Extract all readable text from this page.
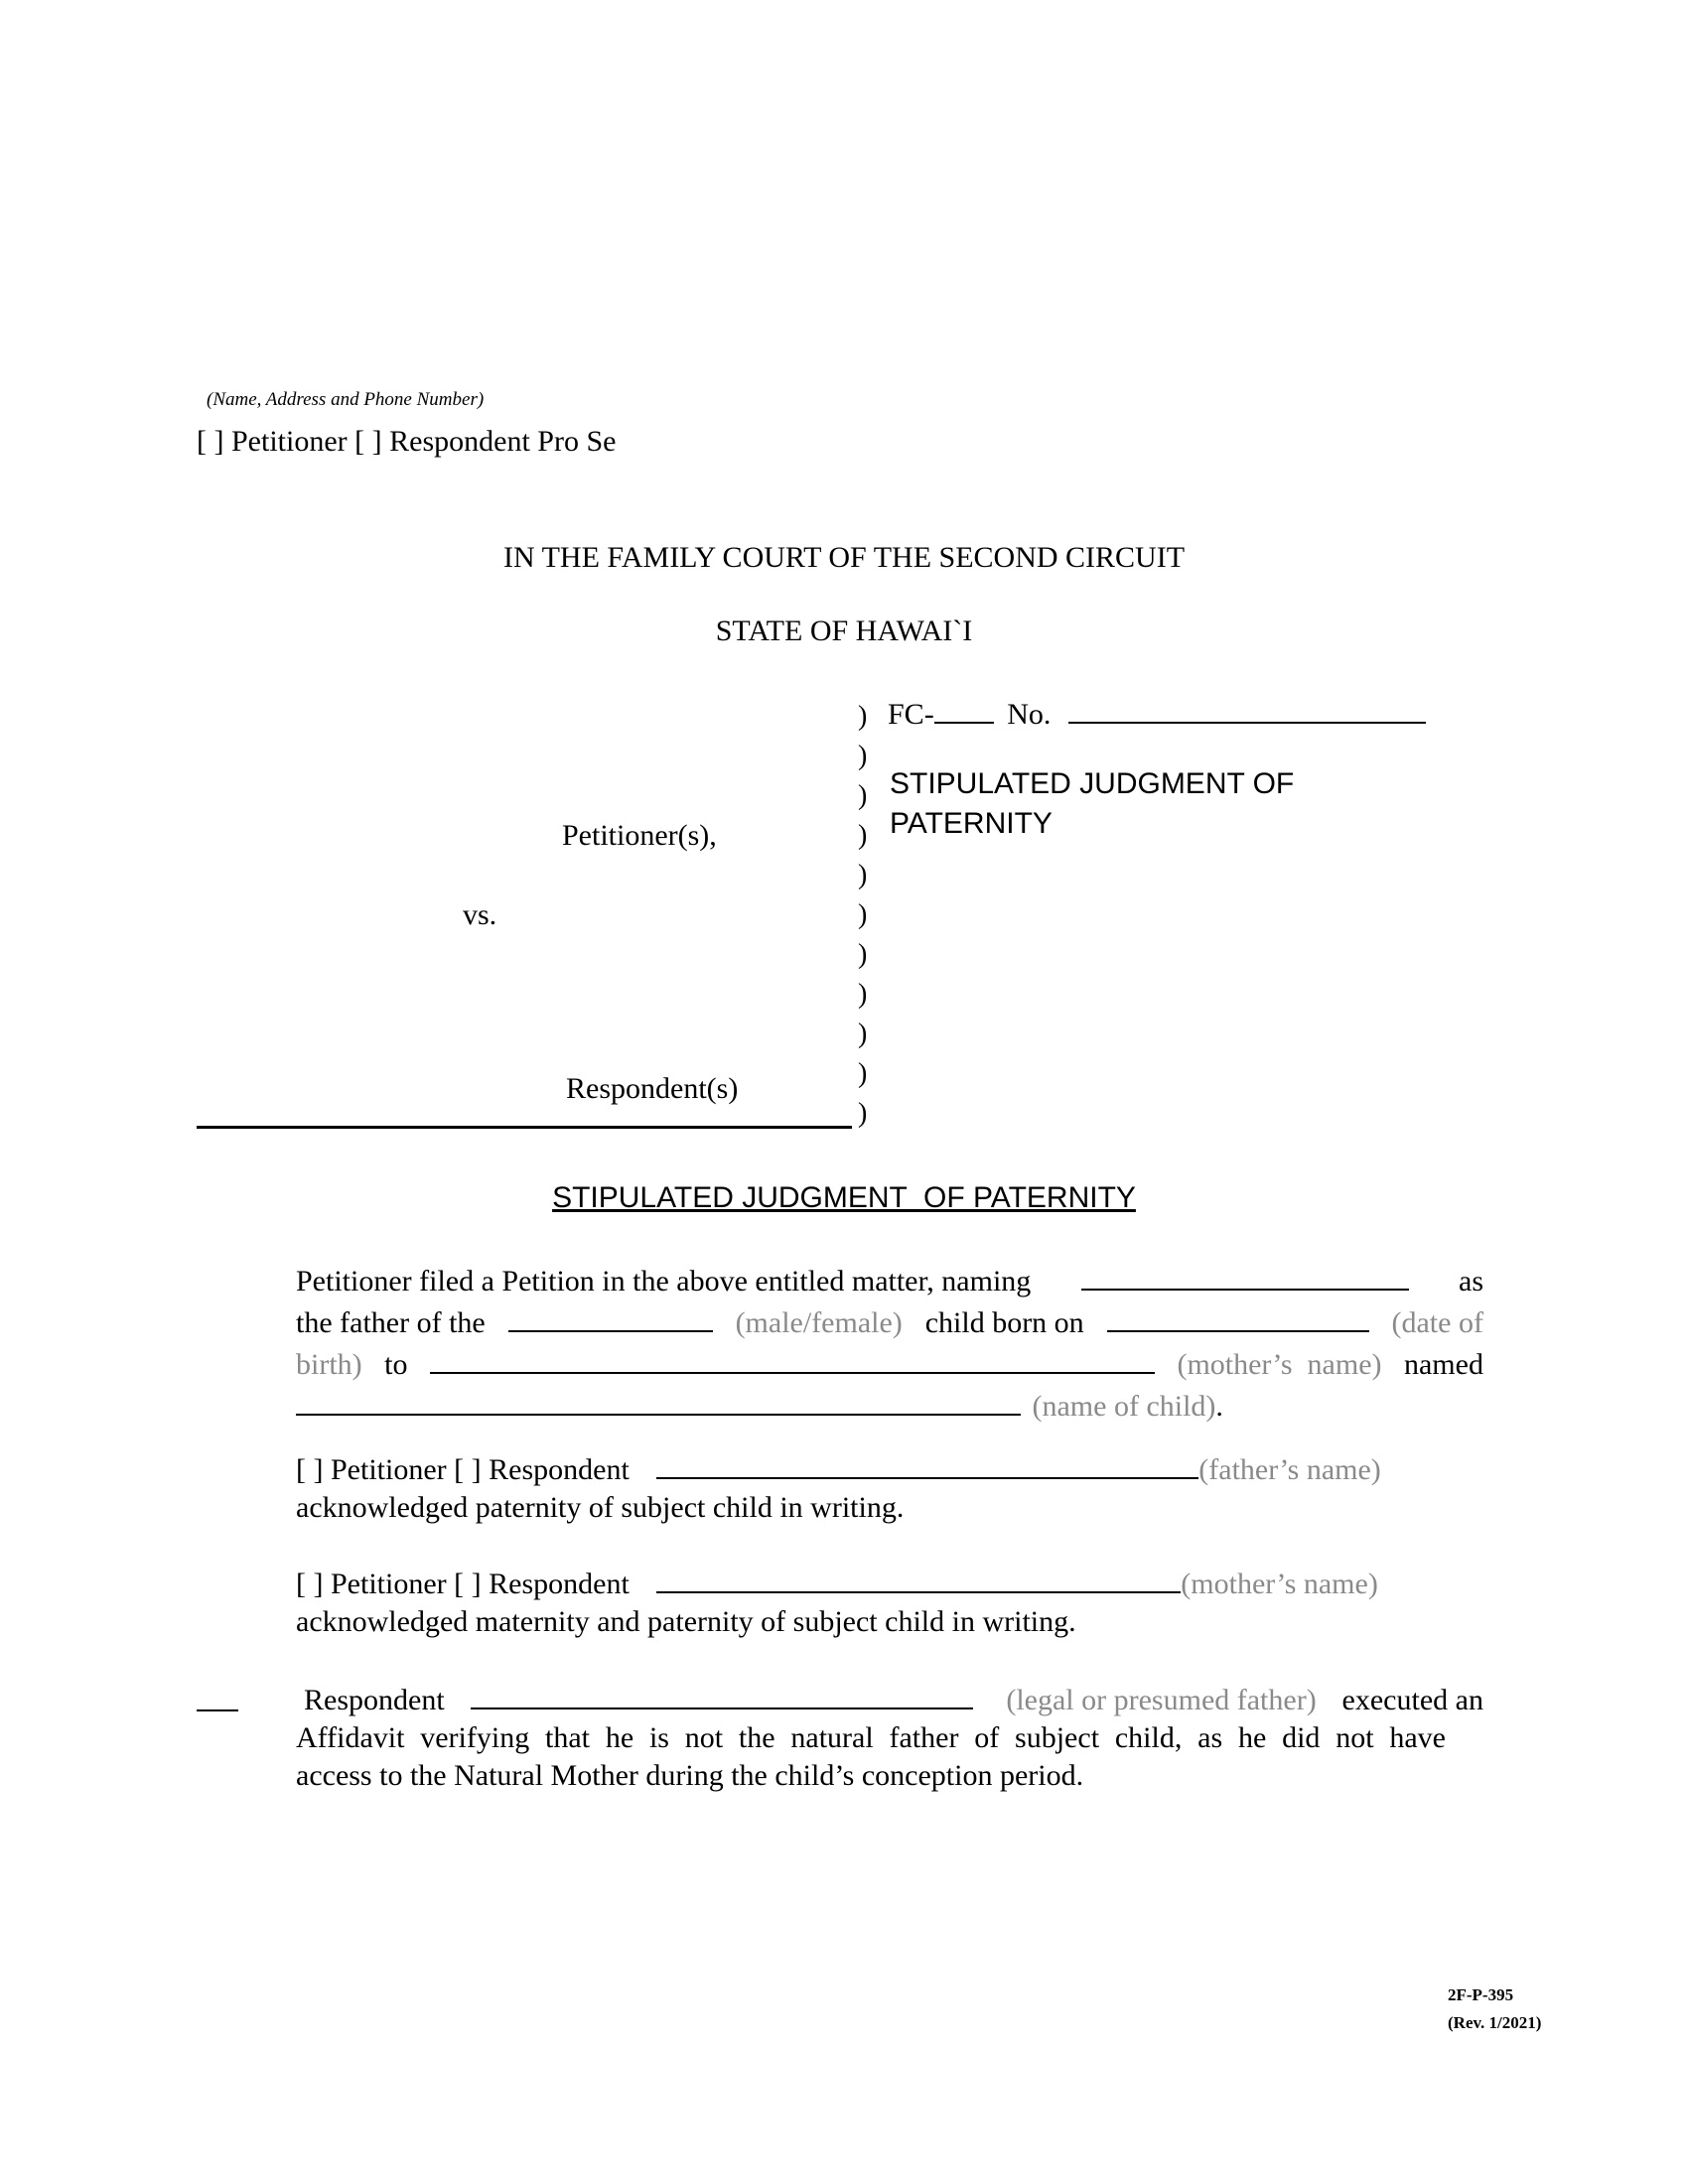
(Name, Address and Phone Number)
[ ] Petitioner [ ] Respondent Pro Se
IN THE FAMILY COURT OF THE SECOND CIRCUIT
STATE OF HAWAI`I
Petitioner(s),
vs.
Respondent(s)
)
)
)
)
)
)
)
)
)
)
)
FC- No.
STIPULATED JUDGMENT OF PATERNITY
STIPULATED JUDGMENT  OF PATERNITY
Petitioner filed a Petition in the above entitled matter, naming	as
the father of the	(male/female) child born on	(date of
birth) to	(mother’s  name) named
(name of child).
[ ] Petitioner [ ] Respondent	(father’s name)
acknowledged paternity of subject child in writing.
[ ] Petitioner [ ] Respondent	(mother’s name)
acknowledged maternity and paternity of subject child in writing.
Respondent	(legal or presumed father) executed an
Affidavit verifying that he is not the natural father of subject child, as he did not have
access to the Natural Mother during the child’s conception period.
2F-P-395
(Rev. 1/2021)
